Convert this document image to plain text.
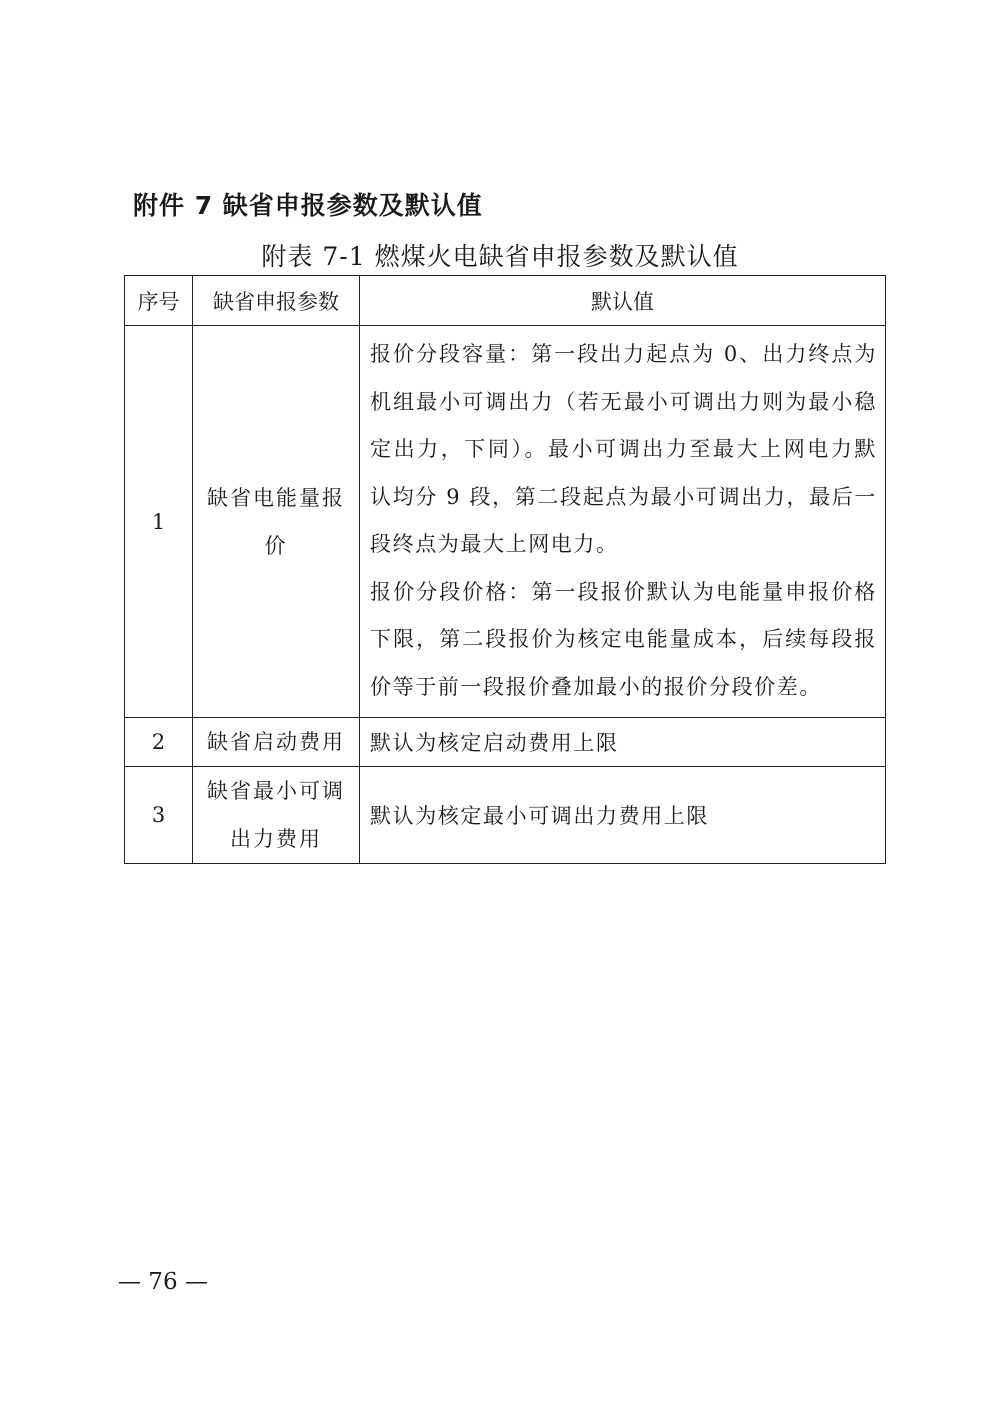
附件 7 缺省申报参数及默认值
附表 7-1 燃煤火电缺省申报参数及默认值
序号	缺省申报参数	默认值
1	缺省电能量报价	报价分段容量：第一段出力起点为 0、出力终点为机组最小可调出力（若无最小可调出力则为最小稳定出力，下同）。最小可调出力至最大上网电力默认均分 9 段，第二段起点为最小可调出力，最后一段终点为最大上网电力。

报价分段价格：第一段报价默认为电能量申报价格下限，第二段报价为核定电能量成本，后续每段报价等于前一段报价叠加最小的报价分段价差。

2	缺省启动费用	默认为核定启动费用上限
3	缺省最小可调出力费用	默认为核定最小可调出力费用上限
— 76 —
